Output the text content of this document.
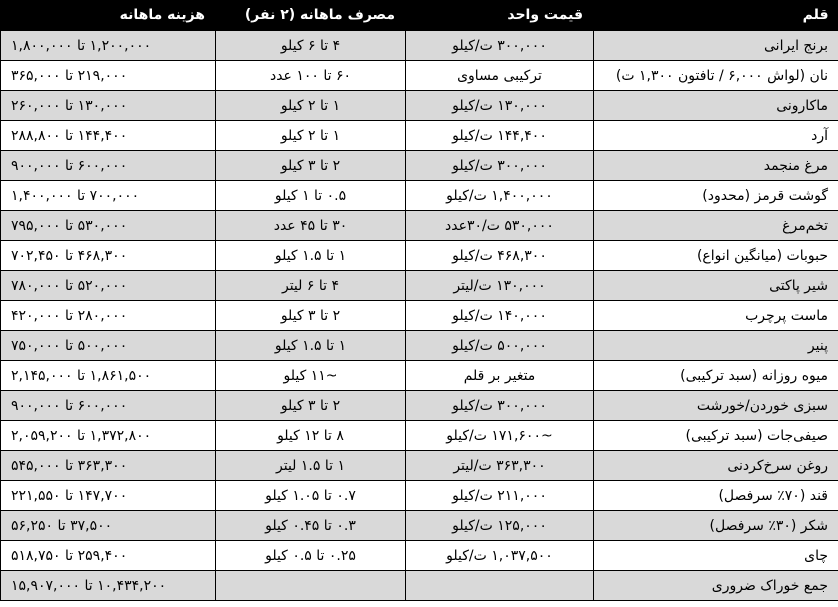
قلم	قیمت واحد	مصرف ماهانه (۲ نفر)	هزینه ماهانه
برنج ایرانی	۳۰۰,۰۰۰ ت/کیلو	۴ تا ۶ کیلو	۱,۲۰۰,۰۰۰ تا ۱,۸۰۰,۰۰۰
نان (لواش ۶,۰۰۰ / تافتون ۱,۳۰۰ ت)	ترکیبی مساوی	۶۰ تا ۱۰۰ عدد	۲۱۹,۰۰۰ تا ۳۶۵,۰۰۰
ماکارونی	۱۳۰,۰۰۰ ت/کیلو	۱ تا ۲ کیلو	۱۳۰,۰۰۰ تا ۲۶۰,۰۰۰
آرد	۱۴۴,۴۰۰ ت/کیلو	۱ تا ۲ کیلو	۱۴۴,۴۰۰ تا ۲۸۸,۸۰۰
مرغ منجمد	۳۰۰,۰۰۰ ت/کیلو	۲ تا ۳ کیلو	۶۰۰,۰۰۰ تا ۹۰۰,۰۰۰
گوشت قرمز (محدود)	۱,۴۰۰,۰۰۰ ت/کیلو	۰.۵ تا ۱ کیلو	۷۰۰,۰۰۰ تا ۱,۴۰۰,۰۰۰
تخم‌مرغ	۵۳۰,۰۰۰ ت/۳۰عدد	۳۰ تا ۴۵ عدد	۵۳۰,۰۰۰ تا ۷۹۵,۰۰۰
حبوبات (میانگین انواع)	۴۶۸,۳۰۰ ت/کیلو	۱ تا ۱.۵ کیلو	۴۶۸,۳۰۰ تا ۷۰۲,۴۵۰
شیر پاکتی	۱۳۰,۰۰۰ ت/لیتر	۴ تا ۶ لیتر	۵۲۰,۰۰۰ تا ۷۸۰,۰۰۰
ماست پرچرب	۱۴۰,۰۰۰ ت/کیلو	۲ تا ۳ کیلو	۲۸۰,۰۰۰ تا ۴۲۰,۰۰۰
پنیر	۵۰۰,۰۰۰ ت/کیلو	۱ تا ۱.۵ کیلو	۵۰۰,۰۰۰ تا ۷۵۰,۰۰۰
میوه روزانه (سبد ترکیبی)	متغیر بر قلم	~۱۱ کیلو	۱,۸۶۱,۵۰۰ تا ۲,۱۴۵,۰۰۰
سبزی خوردن/خورشت	۳۰۰,۰۰۰ ت/کیلو	۲ تا ۳ کیلو	۶۰۰,۰۰۰ تا ۹۰۰,۰۰۰
صیفی‌جات (سبد ترکیبی)	~۱۷۱,۶۰۰ ت/کیلو	۸ تا ۱۲ کیلو	۱,۳۷۲,۸۰۰ تا ۲,۰۵۹,۲۰۰
روغن سرخ‌کردنی	۳۶۳,۳۰۰ ت/لیتر	۱ تا ۱.۵ لیتر	۳۶۳,۳۰۰ تا ۵۴۵,۰۰۰
قند (۷۰٪ سرفصل)	۲۱۱,۰۰۰ ت/کیلو	۰.۷ تا ۱.۰۵ کیلو	۱۴۷,۷۰۰ تا ۲۲۱,۵۵۰
شکر (۳۰٪ سرفصل)	۱۲۵,۰۰۰ ت/کیلو	۰.۳ تا ۰.۴۵ کیلو	۳۷,۵۰۰ تا ۵۶,۲۵۰
چای	۱,۰۳۷,۵۰۰ ت/کیلو	۰.۲۵ تا ۰.۵ کیلو	۲۵۹,۴۰۰ تا ۵۱۸,۷۵۰
جمع خوراک ضروری			۱۰,۴۳۴,۲۰۰ تا ۱۵,۹۰۷,۰۰۰
